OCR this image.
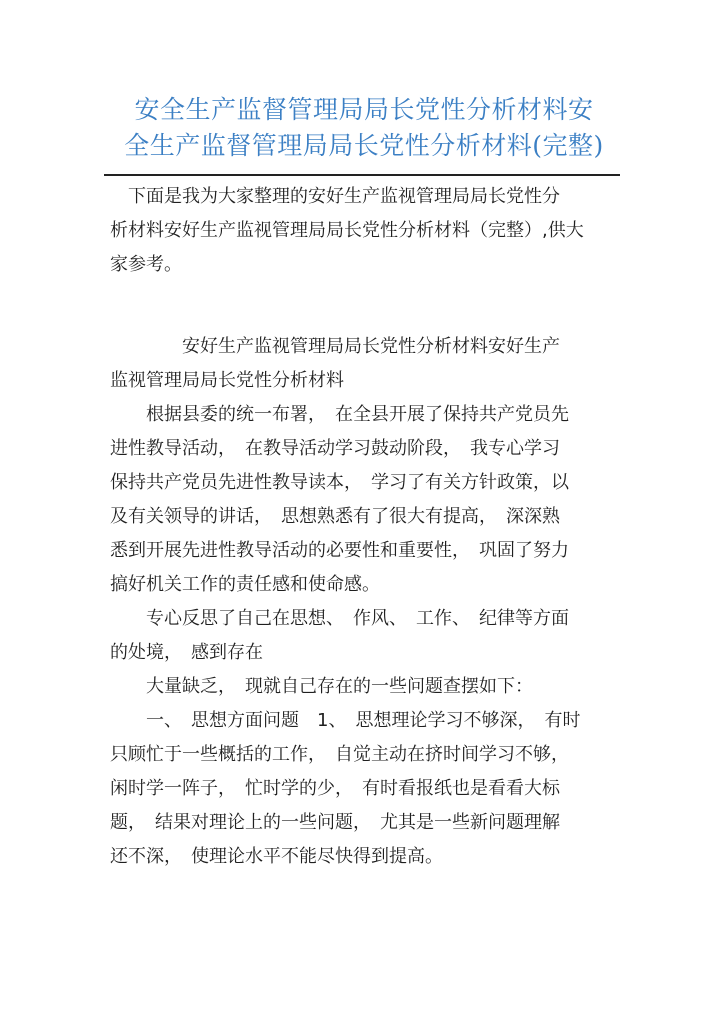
安全生产监督管理局局长党性分析材料安
全生产监督管理局局长党性分析材料(完整)
　下面是我为大家整理的安好生产监视管理局局长党性分
析材料安好生产监视管理局局长党性分析材料（完整）,供大
家参考。
　　　　安好生产监视管理局局长党性分析材料安好生产
监视管理局局长党性分析材料
　　根据县委的统一布署，　在全县开展了保持共产党员先
进性教导活动，　在教导活动学习鼓动阶段，　我专心学习
保持共产党员先进性教导读本，　学习了有关方针政策，以
及有关领导的讲话，　思想熟悉有了很大有提高，　深深熟
悉到开展先进性教导活动的必要性和重要性，　巩固了努力
搞好机关工作的责任感和使命感。
　　专心反思了自己在思想、　作风、　工作、　纪律等方面
的处境，　感到存在
　　大量缺乏，　现就自己存在的一些问题查摆如下：
　　一、　思想方面问题　1、　思想理论学习不够深，　有时
只顾忙于一些概括的工作，　自觉主动在挤时间学习不够，
闲时学一阵子，　忙时学的少，　有时看报纸也是看看大标
题，　结果对理论上的一些问题，　尤其是一些新问题理解
还不深，　使理论水平不能尽快得到提高。
